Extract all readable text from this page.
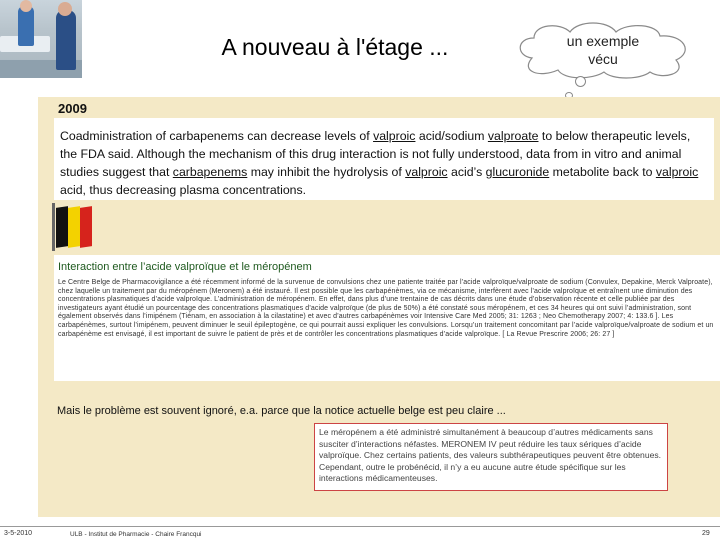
A nouveau à l'étage ...	un exemple
vécu
2009

Coadministration of carbapenems can decrease levels of valproic acid/sodium valproate to below therapeutic levels, the FDA said. Although the mechanism of this drug interaction is not fully understood, data from in vitro and animal studies suggest that carbapenems may inhibit the hydrolysis of valproic acid’s glucuronide metabolite back to valproic acid, thus decreasing plasma concentrations.

Interaction entre l’acide valproïque et le méropénem
Le Centre Belge de Pharmacovigilance a été récemment informé de la survenue de convulsions chez une patiente traitée par l’acide valproïque/valproate de sodium (Convulex, Depakine, Merck Valproate), chez laquelle un traitement par du méropénem (Meronem) a été instauré. Il est possible que les carbapénèmes, via ce mécanisme, interfèrent avec l’acide valproïque et entraînent une diminution des concentrations plasmatiques d’acide valproïque. L’administration de méropénem. En effet, dans plus d’une trentaine de cas décrits dans une étude d’observation récente et celle publiée par des investigateurs ayant étudié un pourcentage des concentrations plasmatiques d’acide valproïque (de plus de 50%) a été constaté sous méropénem, et ces 34 heures qui ont suivi l’administration, sont également observés dans l’imipénem (Tiénam, en association à la cilastatine) et avec d’autres carbapénèmes voir Intensive Care Med 2005; 31: 1263 ; Neo Chemotherapy 2007; 4: 133.6 ]. Les carbapénèmes, surtout l’imipénem, peuvent diminuer le seuil épileptogène, ce qui pourrait aussi expliquer les convulsions. Lorsqu’un traitement concomitant par l’acide valproïque/valproate de sodium et un carbapénème est envisagé, il est important de suivre le patient de près et de contrôler les concentrations plasmatiques d’acide valproïque. [ La Revue Prescrire 2006; 26: 27 ]
Mais le problème est souvent ignoré, e.a. parce que la notice actuelle belge est peu claire ...

Le méropénem a été administré simultanément à beaucoup d’autres médicaments sans susciter d’interactions néfastes. MERONEM IV peut réduire les taux sériques d’acide valproïque. Chez certains patients, des valeurs subthérapeutiques peuvent être obtenues. Cependant, outre le probénécid, il n’y a eu aucune autre étude spécifique sur les interactions médicamenteuses.

3-5-2010	ULB - Institut de Pharmacie - Chaire Francqui	29
